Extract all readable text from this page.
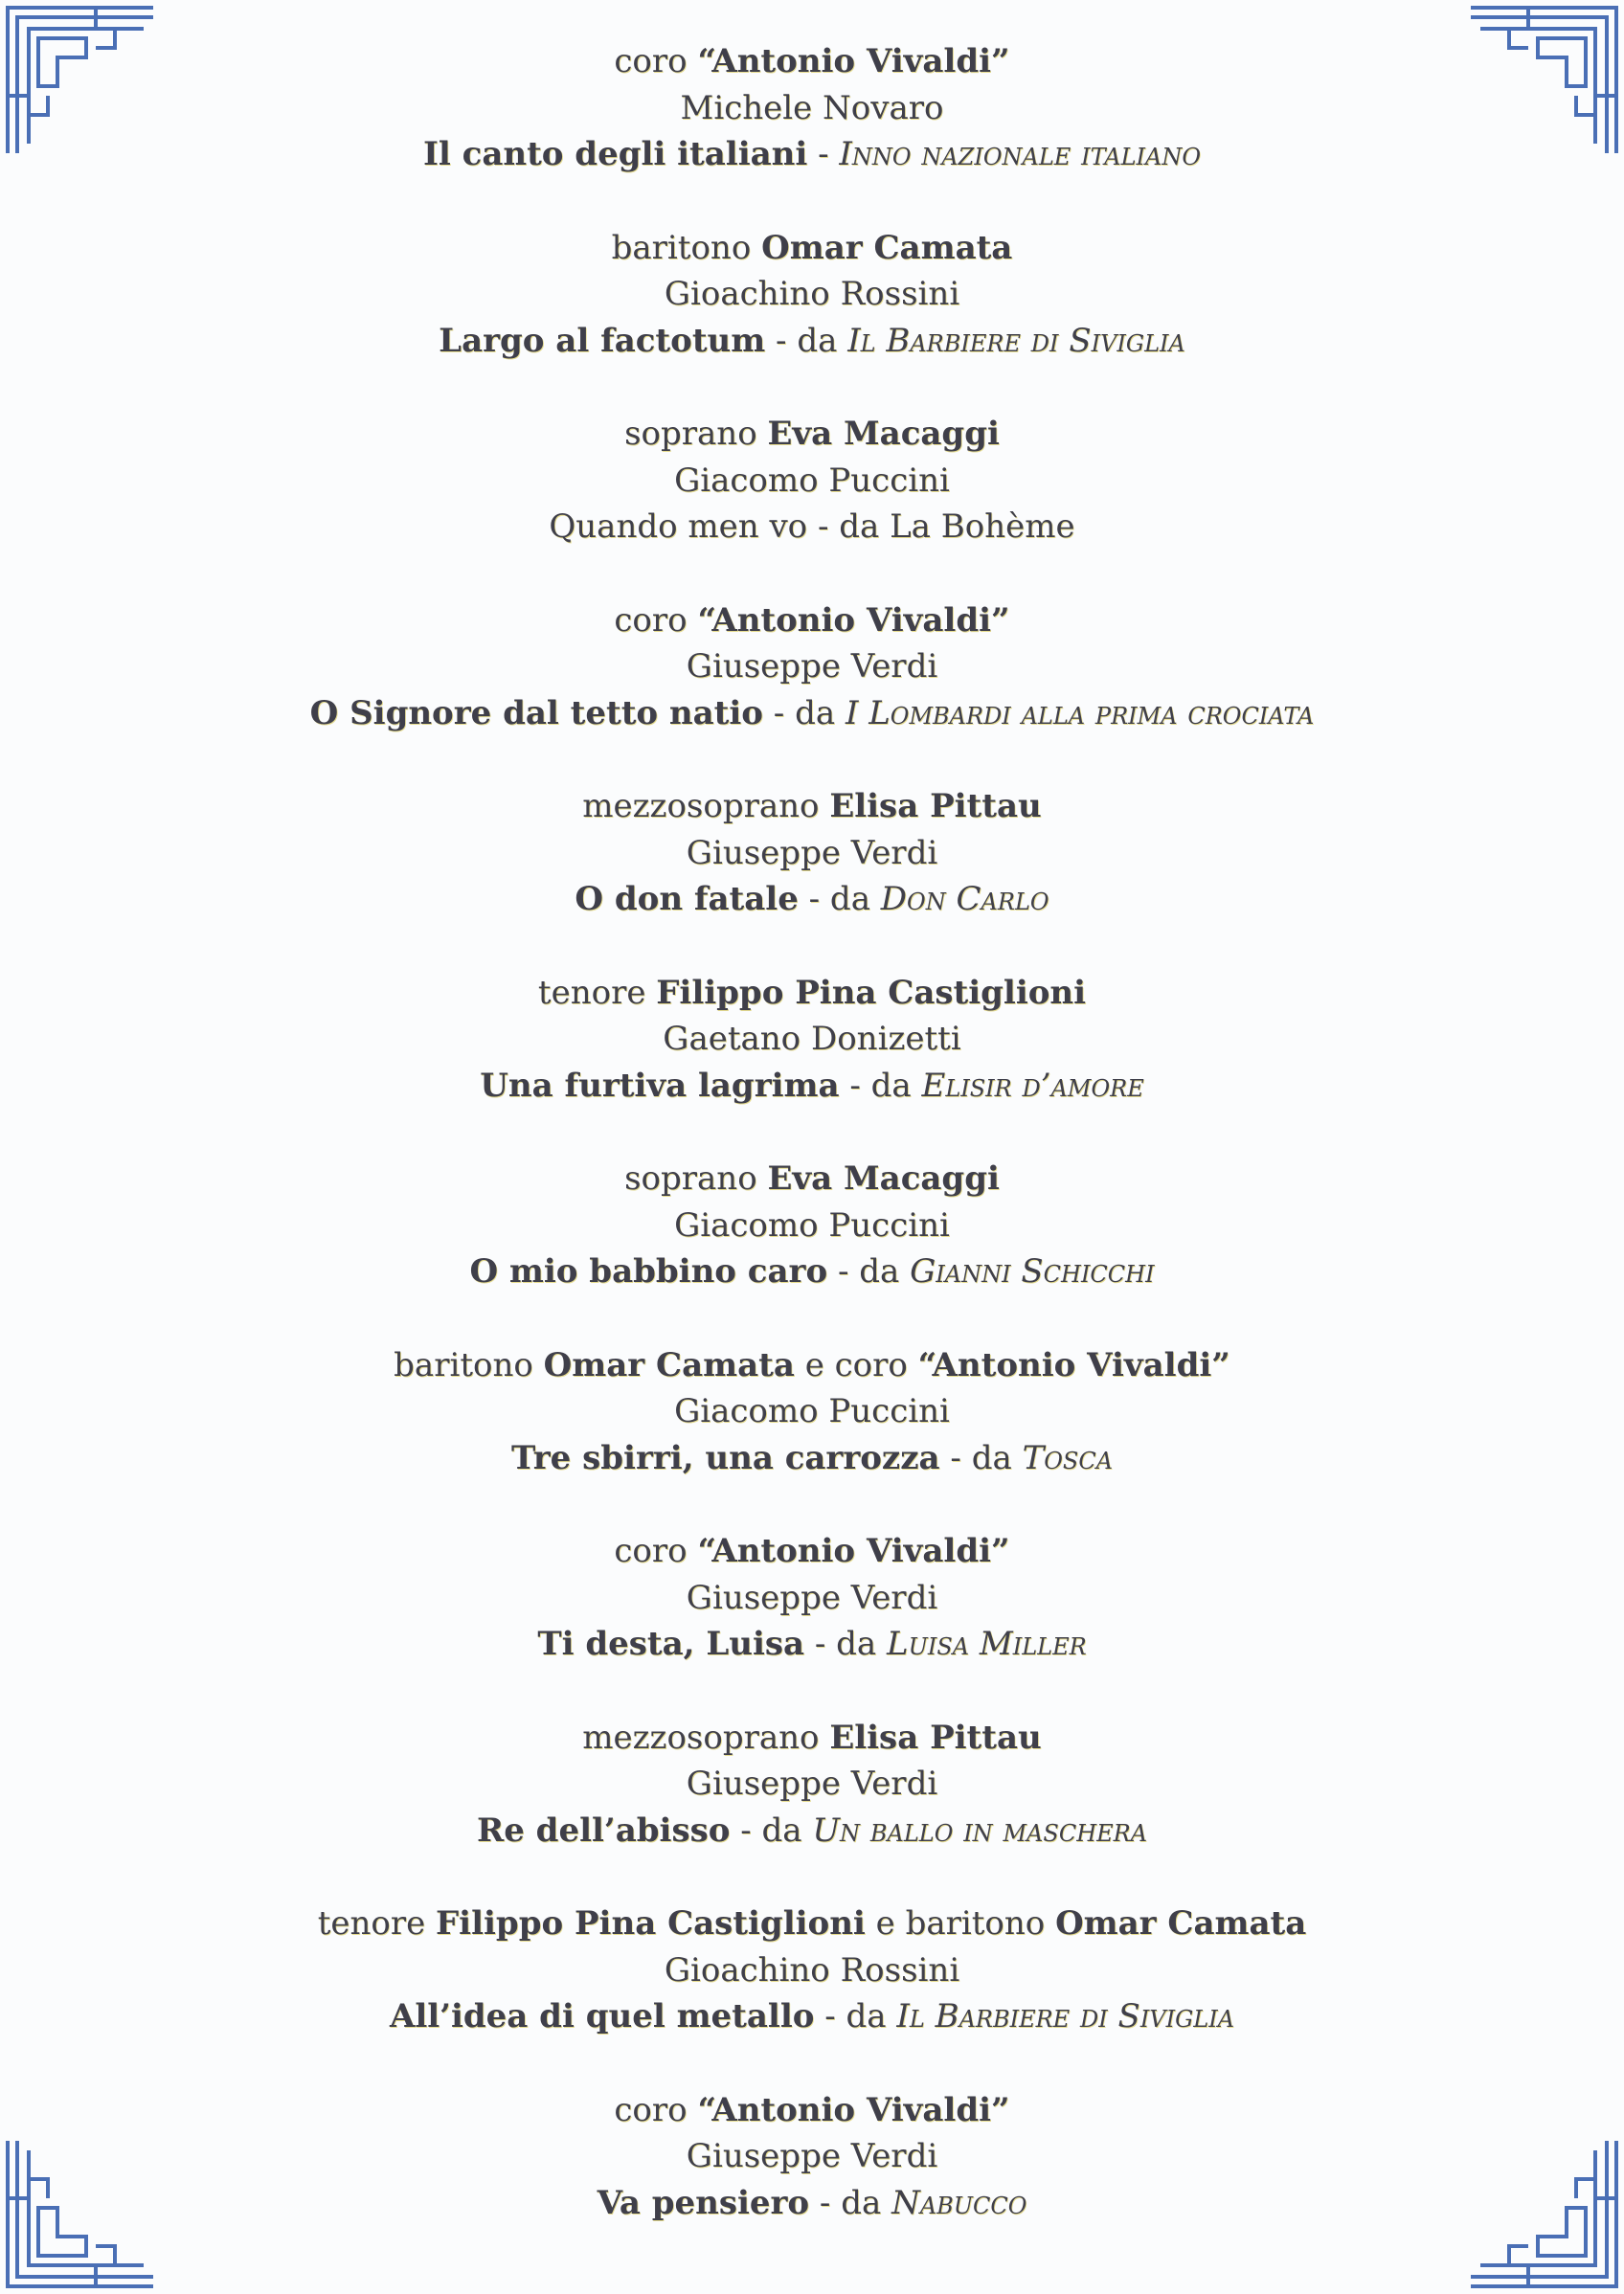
coro “Antonio Vivaldi”
Michele Novaro
Il canto degli italiani - Inno nazionale italiano
baritono Omar Camata
Gioachino Rossini
Largo al factotum - da Il Barbiere di Siviglia
soprano Eva Macaggi
Giacomo Puccini
Quando men vo - da La Bohème
coro “Antonio Vivaldi”
Giuseppe Verdi
O Signore dal tetto natio - da I Lombardi alla prima crociata
mezzosoprano Elisa Pittau
Giuseppe Verdi
O don fatale - da Don Carlo
tenore Filippo Pina Castiglioni
Gaetano Donizetti
Una furtiva lagrima - da Elisir d’amore
soprano Eva Macaggi
Giacomo Puccini
O mio babbino caro - da Gianni Schicchi
baritono Omar Camata e coro “Antonio Vivaldi”
Giacomo Puccini
Tre sbirri, una carrozza - da Tosca
coro “Antonio Vivaldi”
Giuseppe Verdi
Ti desta, Luisa - da Luisa Miller
mezzosoprano Elisa Pittau
Giuseppe Verdi
Re dell’abisso - da Un ballo in maschera
tenore Filippo Pina Castiglioni e baritono Omar Camata
Gioachino Rossini
All’idea di quel metallo - da Il Barbiere di Siviglia
coro “Antonio Vivaldi”
Giuseppe Verdi
Va pensiero - da Nabucco
